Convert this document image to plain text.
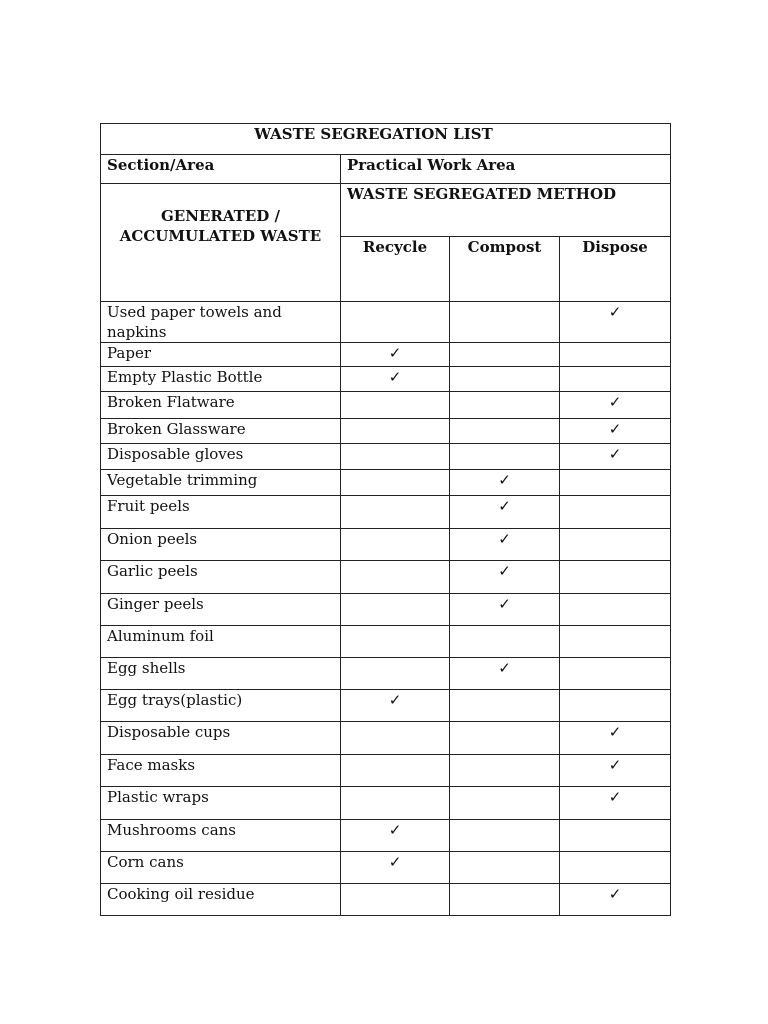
WASTE SEGREGATION LIST			
Section/Area	Practical Work Area		

GENERATED / ACCUMULATED WASTE	WASTE SEGREGATED METHOD		
	Recycle	Compost	Dispose
Used paper towels and napkins			✓
Paper	✓		
Empty Plastic Bottle	✓		
Broken Flatware			✓
Broken Glassware			✓
Disposable gloves			✓
Vegetable trimming		✓	
Fruit peels		✓	
Onion peels		✓	
Garlic peels		✓	
Ginger peels		✓	
Aluminum foil			
Egg shells		✓	
Egg trays(plastic)	✓		
Disposable cups			✓
Face masks			✓
Plastic wraps			✓
Mushrooms cans	✓		
Corn cans	✓		
Cooking oil residue			✓
